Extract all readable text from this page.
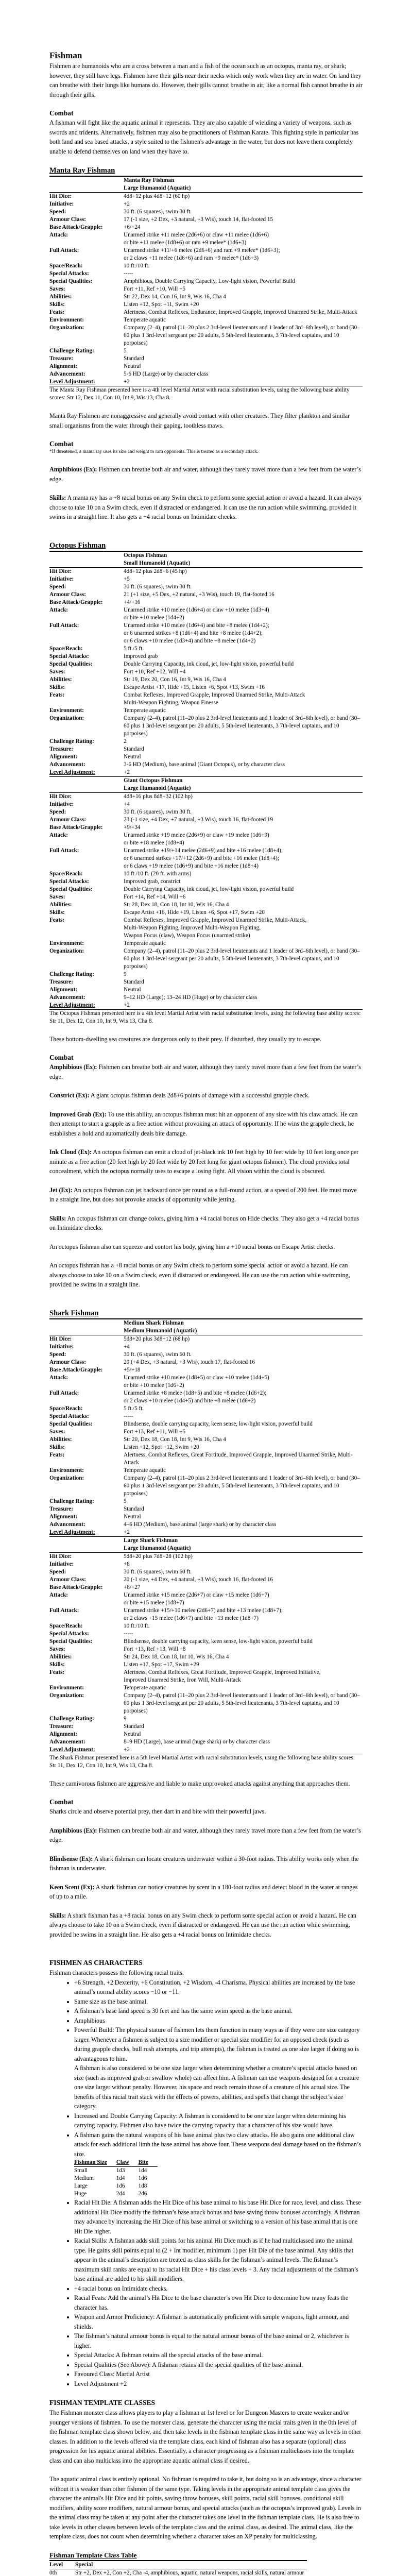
Fishman

Fishmen are humanoids who are a cross between a man and a fish of the ocean such as an octopus, manta ray, or shark; however, they still have legs. Fishmen have their gills near their necks which only work when they are in water. On land they can breathe with their lungs like humans do. However, their gills cannot breathe in air, like a normal fish cannot breathe in air through their gills.

Combat

A fishman will fight like the aquatic animal it represents. They are also capable of wielding a variety of weapons, such as swords and tridents. Alternatively, fishmen may also be practitioners of Fishman Karate. This fighting style in particular has both land and sea based attacks, a style suited to the fishmen's advantage in the water, but does not leave them completely unable to defend themselves on land when they have to.

Manta Ray Fishman
	Manta Ray Fishman
	Large Humanoid (Aquatic)
Hit Dice:	4d8+12 plus 4d8+12 (60 hp)
Initiative:	+2
Speed:	30 ft. (6 squares), swim 30 ft.
Armour Class:	17 (-1 size, +2 Dex, +3 natural, +3 Wis), touch 14, flat-footed 15
Base Attack/Grapple:	+6/+24
Attack:	Unarmed strike +11 melee (2d6+6) or claw +11 melee (1d6+6)
or bite +11 melee (1d8+6) or ram +9 melee* (1d6+3)
Full Attack:	Unarmed strike +11/+6 melee (2d6+6) and ram +9 melee* (1d6+3);
or 2 claws +11 melee (1d6+6) and ram +9 melee* (1d6+3)
Space/Reach:	10 ft./10 ft.
Special Attacks:	-----
Special Qualities:	Amphibious, Double Carrying Capacity, Low-light vision, Powerful Build
Saves:	Fort +11, Ref +10, Will +5
Abilities:	Str 22, Dex 14, Con 16, Int 9, Wis 16, Cha 4
Skills:	Listen +12, Spot +11, Swim +20
Feats:	Alertness, Combat Reflexes, Endurance, Improved Grapple, Improved Unarmed Strike, Multi-Attack
Environment:	Temperate aquatic
Organization:	Company (2–4), patrol (11–20 plus 2 3rd-level lieutenants and 1 leader of 3rd–6th level), or band (30–60 plus 1 3rd-level sergeant per 20 adults, 5 5th-level lieutenants, 3 7th-level captains, and 10 porpoises)
Challenge Rating:	5
Treasure:	Standard
Alignment:	Neutral
Advancement:	5-6 HD (Large) or by character class
Level Adjustment:	+2

The Manta Ray Fishman presented here is a 4th level Martial Artist with racial substitution levels, using the following base ability scores: Str 12, Dex 11, Con 10, Int 9, Wis 13, Cha 8.

Manta Ray Fishmen are nonaggressive and generally avoid contact with other creatures. They filter plankton and similar small organisms from the water through their gaping, toothless maws.

Combat

*If threatened, a manta ray uses its size and weight to ram opponents. This is treated as a secondary attack.

Amphibious (Ex): Fishmen can breathe both air and water, although they rarely travel more than a few feet from the water’s edge.

Skills: A manta ray has a +8 racial bonus on any Swim check to perform some special action or avoid a hazard. It can always choose to take 10 on a Swim check, even if distracted or endangered. It can use the run action while swimming, provided it swims in a straight line. It also gets a +4 racial bonus on Intimidate checks.

Octopus Fishman
	Octopus Fishman
	Small Humanoid (Aquatic)
Hit Dice:	4d8+12 plus 2d8+6 (45 hp)
Initiative:	+5
Speed:	30 ft. (6 squares), swim 30 ft.
Armour Class:	21 (+1 size, +5 Dex, +2 natural, +3 Wis), touch 19, flat-footed 16
Base Attack/Grapple:	+4/+16
Attack:	Unarmed strike +10 melee (1d6+4) or claw +10 melee (1d3+4)
or bite +10 melee (1d4+2)
Full Attack:	Unarmed strike +10 melee (1d6+4) and bite +8 melee (1d4+2);
or 6 unarmed strikes +8 (1d6+4) and bite +8 melee (1d4+2);
or 6 claws +10 melee (1d3+4) and bite +8 melee (1d4+2)
Space/Reach:	5 ft./5 ft.
Special Attacks:	Improved grab
Special Qualities:	Double Carrying Capacity, ink cloud, jet, low-light vision, powerful build
Saves:	Fort +10, Ref +12, Will +4
Abilities:	Str 19, Dex 20, Con 16, Int 9, Wis 16, Cha 4
Skills:	Escape Artist +17, Hide +15, Listen +6, Spot +13, Swim +16
Feats:	Combat Reflexes, Improved Grapple, Improved Unarmed Strike, Multi-Attack
Multi-Weapon Fighting, Weapon Finesse
Environment:	Temperate aquatic
Organization:	Company (2–4), patrol (11–20 plus 2 3rd-level lieutenants and 1 leader of 3rd–6th level), or band (30–60 plus 1 3rd-level sergeant per 20 adults, 5 5th-level lieutenants, 3 7th-level captains, and 10 porpoises)
Challenge Rating:	2
Treasure:	Standard
Alignment:	Neutral
Advancement:	3-6 HD (Medium), base animal (Giant Octopus), or by character class
Level Adjustment:	+2
	Giant Octopus Fishman
	Large Humanoid (Aquatic)
Hit Dice:	4d8+16 plus 8d8+32 (102 hp)
Initiative:	+4
Speed:	30 ft. (6 squares), swim 30 ft.
Armour Class:	23 (-1 size, +4 Dex, +7 natural, +3 Wis), touch 16, flat-footed 19
Base Attack/Grapple:	+9/+34
Attack:	Unarmed strike +19 melee (2d6+9) or claw +19 melee (1d6+9)
or bite +18 melee (1d8+4)
Full Attack:	Unarmed strike +19/+14 melee (2d6+9) and bite +16 melee (1d8+4);
or 6 unarmed strikes +17/+12 (2d6+9) and bite +16 melee (1d8+4);
or 6 claws +19 melee (1d6+9) and bite +16 melee (1d8+4)
Space/Reach:	10 ft./10 ft. (20 ft. with arms)
Special Attacks:	Improved grab, constrict
Special Qualities:	Double Carrying Capacity, ink cloud, jet, low-light vision, powerful build
Saves:	Fort +14, Ref +14, Will +6
Abilities:	Str 28, Dex 18, Con 18, Int 10, Wis 16, Cha 4
Skills:	Escape Artist +16, Hide +19, Listen +6, Spot +17, Swim +20
Feats:	Combat Reflexes, Improved Grapple, Improved Unarmed Strike, Multi-Attack,
Multi-Weapon Fighting, Improved Multi-Weapon Fighting,
Weapon Focus (claw), Weapon Focus (unarmed strike)
Environment:	Temperate aquatic
Organization:	Company (2–4), patrol (11–20 plus 2 3rd-level lieutenants and 1 leader of 3rd–6th level), or band (30–60 plus 1 3rd-level sergeant per 20 adults, 5 5th-level lieutenants, 3 7th-level captains, and 10 porpoises)
Challenge Rating:	9
Treasure:	Standard
Alignment:	Neutral
Advancement:	9–12 HD (Large); 13–24 HD (Huge) or by character class
Level Adjustment:	+2

The Octopus Fishman presented here is a 4th level Martial Artist with racial substitution levels, using the following base ability scores: Str 11, Dex 12, Con 10, Int 9, Wis 13, Cha 8.

These bottom-dwelling sea creatures are dangerous only to their prey. If disturbed, they usually try to escape.

Combat

Amphibious (Ex): Fishmen can breathe both air and water, although they rarely travel more than a few feet from the water’s edge.

Constrict (Ex): A giant octopus fishman deals 2d8+6 points of damage with a successful grapple check.

Improved Grab (Ex): To use this ability, an octopus fishman must hit an opponent of any size with his claw attack. He can then attempt to start a grapple as a free action without provoking an attack of opportunity. If he wins the grapple check, he establishes a hold and automatically deals bite damage.

Ink Cloud (Ex): An octopus fishman can emit a cloud of jet-black ink 10 feet high by 10 feet wide by 10 feet long once per minute as a free action (20 feet high by 20 feet wide by 20 feet long for giant octopus fishmen). The cloud provides total concealment, which the octopus normally uses to escape a losing fight. All vision within the cloud is obscured.

Jet (Ex): An octopus fishman can jet backward once per round as a full-round action, at a speed of 200 feet. He must move in a straight line, but does not provoke attacks of opportunity while jetting.

Skills: An octopus fishman can change colors, giving him a +4 racial bonus on Hide checks. They also get a +4 racial bonus on Intimidate checks.

An octopus fishman also can squeeze and contort his body, giving him a +10 racial bonus on Escape Artist checks.

An octopus fishman has a +8 racial bonus on any Swim check to perform some special action or avoid a hazard. He can always choose to take 10 on a Swim check, even if distracted or endangered. He can use the run action while swimming, provided he swims in a straight line.

Shark Fishman
	Medium Shark Fishman
	Medium Humanoid (Aquatic)
Hit Dice:	5d8+20 plus 3d8+12 (68 hp)
Initiative:	+4
Speed:	30 ft. (6 squares), swim 60 ft.
Armour Class:	20 (+4 Dex, +3 natural, +3 Wis), touch 17, flat-footed 16
Base Attack/Grapple:	+5/+18
Attack:	Unarmed strike +10 melee (1d8+5) or claw +10 melee (1d4+5)
or bite +10 melee (1d6+2)
Full Attack:	Unarmed strike +8 melee (1d8+5) and bite +8 melee (1d6+2);
or 2 claws +10 melee (1d4+5) and bite +8 melee (1d6+2)
Space/Reach:	5 ft./5 ft.
Special Attacks:	-----
Special Qualities:	Blindsense, double carrying capacity, keen sense, low-light vision, powerful build
Saves:	Fort +13, Ref +11, Will +5
Abilities:	Str 20, Dex 18, Con 18, Int 9, Wis 16, Cha 4
Skills:	Listen +12, Spot +12, Swim +20
Feats:	Alertness, Combat Reflexes, Great Fortitude, Improved Grapple, Improved Unarmed Strike, Multi-Attack
Environment:	Temperate aquatic
Organization:	Company (2–4), patrol (11–20 plus 2 3rd-level lieutenants and 1 leader of 3rd–6th level), or band (30–60 plus 1 3rd-level sergeant per 20 adults, 5 5th-level lieutenants, 3 7th-level captains, and 10 porpoises)
Challenge Rating:	5
Treasure:	Standard
Alignment:	Neutral
Advancement:	4–6 HD (Medium), base animal (large shark) or by character class
Level Adjustment:	+2
	Large Shark Fishman
	Large Humanoid (Aquatic)
Hit Dice:	5d8+20 plus 7d8+28 (102 hp)
Initiative:	+8
Speed:	30 ft. (6 squares), swim 60 ft.
Armour Class:	20 (-1 size, +4 Dex, +4 natural, +3 Wis), touch 16, flat-footed 16
Base Attack/Grapple:	+8/+27
Attack:	Unarmed strike +15 melee (2d6+7) or claw +15 melee (1d6+7)
or bite +15 melee (1d8+7)
Full Attack:	Unarmed strike +15/+10 melee (2d6+7) and bite +13 melee (1d8+7);
or 2 claws +15 melee (1d6+7) and bite +13 melee (1d8+7)
Space/Reach:	10 ft./10 ft.
Special Attacks:	-----
Special Qualities:	Blindsense, double carrying capacity, keen sense, low-light vision, powerful build
Saves:	Fort +13, Ref +13, Will +8
Abilities:	Str 24, Dex 18, Con 18, Int 10, Wis 16, Cha 4
Skills:	Listen +17, Spot +17, Swim +29
Feats:	Alertness, Combat Reflexes, Great Fortitude, Improved Grapple, Improved Initiative,
Improved Unarmed Strike, Iron Will, Multi-Attack
Environment:	Temperate aquatic
Organization:	Company (2–4), patrol (11–20 plus 2 3rd-level lieutenants and 1 leader of 3rd–6th level), or band (30–60 plus 1 3rd-level sergeant per 20 adults, 5 5th-level lieutenants, 3 7th-level captains, and 10 porpoises)
Challenge Rating:	9
Treasure:	Standard
Alignment:	Neutral
Advancement:	8–9 HD (Large), base animal (huge shark) or by character class
Level Adjustment:	+2

The Shark Fishman presented here is a 5th level Martial Artist with racial substitution levels, using the following base ability scores: Str 11, Dex 12, Con 10, Int 9, Wis 13, Cha 8.

These carnivorous fishmen are aggressive and liable to make unprovoked attacks against anything that approaches them.

Combat

Sharks circle and observe potential prey, then dart in and bite with their powerful jaws.

Amphibious (Ex): Fishmen can breathe both air and water, although they rarely travel more than a few feet from the water’s edge.

Blindsense (Ex): A shark fishman can locate creatures underwater within a 30-foot radius. This ability works only when the fishman is underwater.

Keen Scent (Ex): A shark fishman can notice creatures by scent in a 180-foot radius and detect blood in the water at ranges of up to a mile.

Skills: A shark fishman has a +8 racial bonus on any Swim check to perform some special action or avoid a hazard. He can always choose to take 10 on a Swim check, even if distracted or endangered. He can use the run action while swimming, provided he swims in a straight line. He also gets a +4 racial bonus on Intimidate checks.

FISHMEN AS CHARACTERS

Fishman characters possess the following racial traits.

• +6 Strength, +2 Dexterity, +6 Constitution, +2 Wisdom, -4 Charisma. Physical abilities are increased by the base animal’s normal ability scores −10 or −11.
• Same size as the base animal.
• A fishman’s base land speed is 30 feet and has the same swim speed as the base animal.
• Amphibious
• Powerful Build: The physical stature of fishmen lets them function in many ways as if they were one size category larger. Whenever a fishmen is subject to a size modifier or special size modifier for an opposed check (such as during grapple checks, bull rush attempts, and trip attempts), the fishman is treated as one size larger if doing so is advantageous to him.
A fishman is also considered to be one size larger when determining whether a creature’s special attacks based on size (such as improved grab or swallow whole) can affect him. A fishman can use weapons designed for a creature one size larger without penalty. However, his space and reach remain those of a creature of his actual size. The benefits of this racial trait stack with the effects of powers, abilities, and spells that change the subject’s size category.
• Increased and Double Carrying Capacity: A fishman is considered to be one size larger when determining his carrying capacity. Fishmen also have twice the carrying capacity that a character of his size would have.
• A fishman gains the natural weapons of his base animal plus two claw attacks. He also gains one additional claw attack for each additional limb the base animal has above four. These weapons deal damage based on the fishman’s size.
Fishman Size	Claw	Bite
Small	1d3	1d4
Medium	1d4	1d6
Large	1d6	1d8
Huge	2d4	2d6
• Racial Hit Die: A fishman adds the Hit Dice of his base animal to his base Hit Dice for race, level, and class. These additional Hit Dice modify the fishman’s base attack bonus and base saving throw bonuses accordingly. A fishman may advance by increasing the Hit Dice of his base animal or switching to a version of his base animal that is one Hit Die higher.
• Racial Skills: A fishman adds skill points for his animal Hit Dice much as if he had multiclassed into the animal type. He gains skill points equal to (2 + Int modifier, minimum 1) per Hit Die of the base animal. Any skills that appear in the animal’s description are treated as class skills for the fishman’s animal levels. The fishman’s maximum skill ranks are equal to its racial Hit Dice + his class levels + 3. Any racial adjustments of the fishman’s base animal are added to his skill modifiers.
• +4 racial bonus on Intimidate checks.
• Racial Feats: Add the animal’s Hit Dice to the base character’s own Hit Dice to determine how many feats the character has.
• Weapon and Armor Proficiency: A fishman is automatically proficient with simple weapons, light armour, and shields.
• The fishman’s natural armour bonus is equal to the natural armour bonus of the base animal or 2, whichever is higher.
• Special Attacks: A fishman retains all the special attacks of the base animal.
• Special Qualities (See Above): A fishman retains all the special qualities of the base animal.
• Favoured Class: Martial Artist
• Level Adjustment +2
FISHMAN TEMPLATE CLASSES

The Fishman monster class allows players to play a fishman at 1st level or for Dungeon Masters to create weaker and/or younger versions of fishmen. To use the monster class, generate the character using the racial traits given in the 0th level of the fishman template class shown below, and then take levels in the fishman template class in the same way as levels in other classes. In addition to the levels offered via the template class, each kind of fishman also has a separate (optional) class progression for his aquatic animal abilities. Essentially, a character progressing as a fishman multiclasses into the template class and can also multiclass into the appropriate aquatic animal class if desired.

The aquatic animal class is entirely optional. No fishman is required to take it, but doing so is an advantage, since a character without it is weaker than other fishmen of the same type. Taking levels in the appropriate animal template class gives the character the animal's Hit Dice and hit points, saving throw bonuses, skill points, racial skill bonuses, conditional skill modifiers, ability score modifiers, natural armour bonus, and special attacks (such as the octopus’s improved grab). Levels in the animal class may be taken at any point after the character takes one level in the fishman template class. He is also free to take levels in other classes between levels of the template class and the animal class, as desired. The animal class, like the template class, does not count when determining whether a character takes an XP penalty for multiclassing.

Fishman Template Class Table
Level	Special
0th	Str +2, Dex +2, Con +2, Cha -4, amphibious, aquatic, natural weapons, racial skills, natural armour
